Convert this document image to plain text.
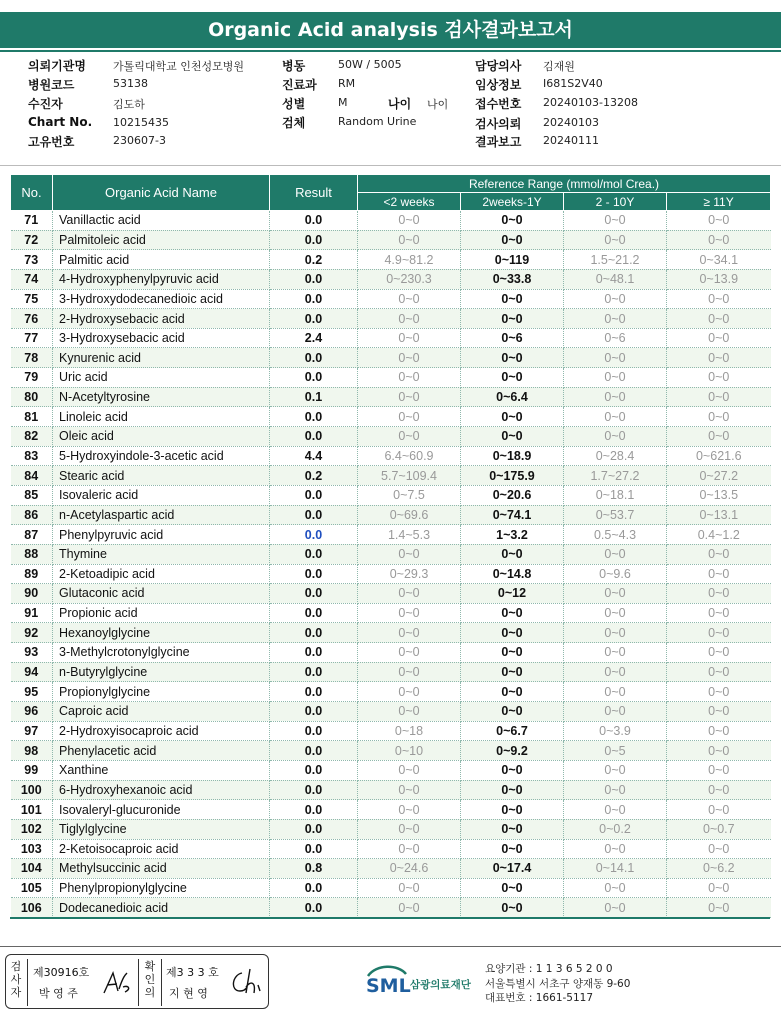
Organic Acid analysis 검사결과보고서
의뢰기관명 가톨릭대학교 인천성모병원
병원코드	53138
수진자	김도하
Chart No. 10215435
고유번호	230607-3
병동	50W / 5005
진료과 RM
성별	M	나이 나이
검체	Random Urine
담당의사 김재원
임상정보 I681S2V40
접수번호 20240103-13208
검사의뢰 20240103
결과보고 20240111
No.	Organic Acid Name	Result	Reference Range (mmol/mol Crea.)			
			<2 weeks	2weeks-1Y	2 - 10Y	≥ 11Y
71	Vanillactic acid	0.0	0~0	0~0	0~0	0~0
72	Palmitoleic acid	0.0	0~0	0~0	0~0	0~0
73	Palmitic acid	0.2	4.9~81.2	0~119	1.5~21.2	0~34.1
74	4-Hydroxyphenylpyruvic acid	0.0	0~230.3	0~33.8	0~48.1	0~13.9
75	3-Hydroxydodecanedioic acid	0.0	0~0	0~0	0~0	0~0
76	2-Hydroxysebacic acid	0.0	0~0	0~0	0~0	0~0
77	3-Hydroxysebacic acid	2.4	0~0	0~6	0~6	0~0
78	Kynurenic acid	0.0	0~0	0~0	0~0	0~0
79	Uric acid	0.0	0~0	0~0	0~0	0~0
80	N-Acetyltyrosine	0.1	0~0	0~6.4	0~0	0~0
81	Linoleic acid	0.0	0~0	0~0	0~0	0~0
82	Oleic acid	0.0	0~0	0~0	0~0	0~0
83	5-Hydroxyindole-3-acetic acid	4.4	6.4~60.9	0~18.9	0~28.4	0~621.6
84	Stearic acid	0.2	5.7~109.4	0~175.9	1.7~27.2	0~27.2
85	Isovaleric acid	0.0	0~7.5	0~20.6	0~18.1	0~13.5
86	n-Acetylaspartic acid	0.0	0~69.6	0~74.1	0~53.7	0~13.1
87	Phenylpyruvic acid	0.0	1.4~5.3	1~3.2	0.5~4.3	0.4~1.2
88	Thymine	0.0	0~0	0~0	0~0	0~0
89	2-Ketoadipic acid	0.0	0~29.3	0~14.8	0~9.6	0~0
90	Glutaconic acid	0.0	0~0	0~12	0~0	0~0
91	Propionic acid	0.0	0~0	0~0	0~0	0~0
92	Hexanoylglycine	0.0	0~0	0~0	0~0	0~0
93	3-Methylcrotonylglycine	0.0	0~0	0~0	0~0	0~0
94	n-Butyrylglycine	0.0	0~0	0~0	0~0	0~0
95	Propionylglycine	0.0	0~0	0~0	0~0	0~0
96	Caproic acid	0.0	0~0	0~0	0~0	0~0
97	2-Hydroxyisocaproic acid	0.0	0~18	0~6.7	0~3.9	0~0
98	Phenylacetic acid	0.0	0~10	0~9.2	0~5	0~0
99	Xanthine	0.0	0~0	0~0	0~0	0~0
100	6-Hydroxyhexanoic acid	0.0	0~0	0~0	0~0	0~0
101	Isovaleryl-glucuronide	0.0	0~0	0~0	0~0	0~0
102	Tiglylglycine	0.0	0~0	0~0	0~0.2	0~0.7
103	2-Ketoisocaproic acid	0.0	0~0	0~0	0~0	0~0
104	Methylsuccinic acid	0.8	0~24.6	0~17.4	0~14.1	0~6.2
105	Phenylpropionylglycine	0.0	0~0	0~0	0~0	0~0
106	Dodecanedioic acid	0.0	0~0	0~0	0~0	0~0
검사자
제30916호
박 영 주
확인의
제3 3 3 호
지 현 영	SML 삼광의료재단
요양기관 : 1 1 3 6 5 2 0 0
서울특별시 서초구 양재동 9-60
대표번호 : 1661-5117
